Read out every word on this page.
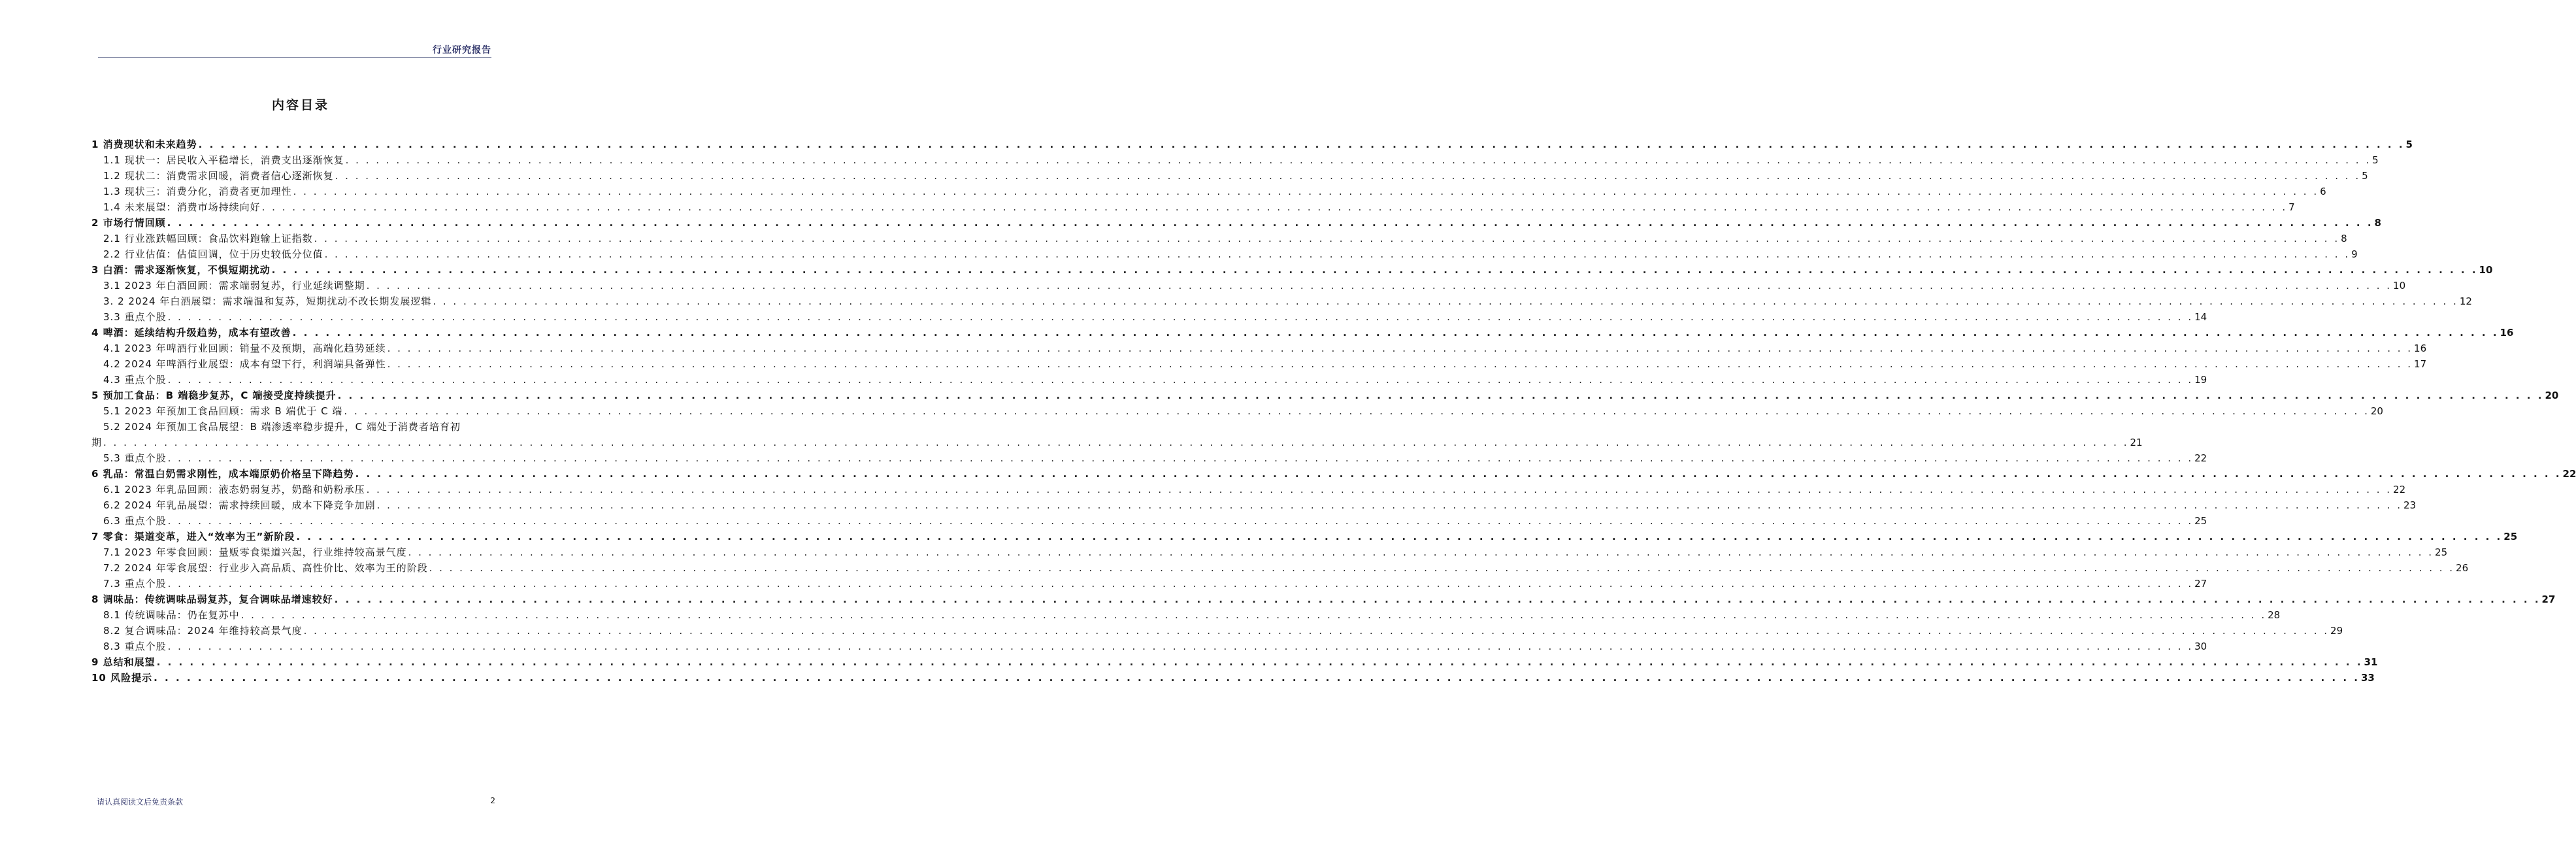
行业研究报告
内容目录
1 消费现状和未来趋势 . . . . . . . . . . . . . . . . . . . . . . . . . . . . . . . . . . . . . . . . . . . . . . . . . . . . . . . . . . . . . . . . . . . . . . . . . . . . . . . . . . . . . . . . . . . . . . . . . . . . . . . . . . . . . . . . . . . . . . . . . . . . . . . . . . . . . . . . . . . . . . . . . . . . . . . . . . . . . . . . . . . . . . . . . . . . . . . . . . . . . . . . . . . . . . . . . . . . . . . . 5
1.1 现状一：居民收入平稳增长，消费支出逐渐恢复 . . . . . . . . . . . . . . . . . . . . . . . . . . . . . . . . . . . . . . . . . . . . . . . . . . . . . . . . . . . . . . . . . . . . . . . . . . . . . . . . . . . . . . . . . . . . . . . . . . . . . . . . . . . . . . . . . . . . . . . . . . . . . . . . . . . . . . . . . . . . . . . . . . . . . . . . . . . . . . . . . . . . . . . . . . . . . . . . . . . . . . . . . . . . . . . . . . . . . . . . 5
1.2 现状二：消费需求回暖，消费者信心逐渐恢复 . . . . . . . . . . . . . . . . . . . . . . . . . . . . . . . . . . . . . . . . . . . . . . . . . . . . . . . . . . . . . . . . . . . . . . . . . . . . . . . . . . . . . . . . . . . . . . . . . . . . . . . . . . . . . . . . . . . . . . . . . . . . . . . . . . . . . . . . . . . . . . . . . . . . . . . . . . . . . . . . . . . . . . . . . . . . . . . . . . . . . . . . . . . . . . . . . . . . . . . . 5
1.3 现状三：消费分化，消费者更加理性 . . . . . . . . . . . . . . . . . . . . . . . . . . . . . . . . . . . . . . . . . . . . . . . . . . . . . . . . . . . . . . . . . . . . . . . . . . . . . . . . . . . . . . . . . . . . . . . . . . . . . . . . . . . . . . . . . . . . . . . . . . . . . . . . . . . . . . . . . . . . . . . . . . . . . . . . . . . . . . . . . . . . . . . . . . . . . . . . . . . . . . . . . . . . . . . . . . . . . . . . 6
1.4 未来展望：消费市场持续向好 . . . . . . . . . . . . . . . . . . . . . . . . . . . . . . . . . . . . . . . . . . . . . . . . . . . . . . . . . . . . . . . . . . . . . . . . . . . . . . . . . . . . . . . . . . . . . . . . . . . . . . . . . . . . . . . . . . . . . . . . . . . . . . . . . . . . . . . . . . . . . . . . . . . . . . . . . . . . . . . . . . . . . . . . . . . . . . . . . . . . . . . . . . . . . . . . . . . . . . . . 7
2 市场行情回顾 . . . . . . . . . . . . . . . . . . . . . . . . . . . . . . . . . . . . . . . . . . . . . . . . . . . . . . . . . . . . . . . . . . . . . . . . . . . . . . . . . . . . . . . . . . . . . . . . . . . . . . . . . . . . . . . . . . . . . . . . . . . . . . . . . . . . . . . . . . . . . . . . . . . . . . . . . . . . . . . . . . . . . . . . . . . . . . . . . . . . . . . . . . . . . . . . . . . . . . . . 8
2.1 行业涨跌幅回顾：食品饮料跑输上证指数 . . . . . . . . . . . . . . . . . . . . . . . . . . . . . . . . . . . . . . . . . . . . . . . . . . . . . . . . . . . . . . . . . . . . . . . . . . . . . . . . . . . . . . . . . . . . . . . . . . . . . . . . . . . . . . . . . . . . . . . . . . . . . . . . . . . . . . . . . . . . . . . . . . . . . . . . . . . . . . . . . . . . . . . . . . . . . . . . . . . . . . . . . . . . . . . . . . . . . . . . 8
2.2 行业估值：估值回调，位于历史较低分位值 . . . . . . . . . . . . . . . . . . . . . . . . . . . . . . . . . . . . . . . . . . . . . . . . . . . . . . . . . . . . . . . . . . . . . . . . . . . . . . . . . . . . . . . . . . . . . . . . . . . . . . . . . . . . . . . . . . . . . . . . . . . . . . . . . . . . . . . . . . . . . . . . . . . . . . . . . . . . . . . . . . . . . . . . . . . . . . . . . . . . . . . . . . . . . . . . . . . . . . . . 9
3 白酒：需求逐渐恢复，不惧短期扰动 . . . . . . . . . . . . . . . . . . . . . . . . . . . . . . . . . . . . . . . . . . . . . . . . . . . . . . . . . . . . . . . . . . . . . . . . . . . . . . . . . . . . . . . . . . . . . . . . . . . . . . . . . . . . . . . . . . . . . . . . . . . . . . . . . . . . . . . . . . . . . . . . . . . . . . . . . . . . . . . . . . . . . . . . . . . . . . . . . . . . . . . . . . . . . . . . . . . . . . . . 10
3.1 2023 年白酒回顾：需求端弱复苏，行业延续调整期 . . . . . . . . . . . . . . . . . . . . . . . . . . . . . . . . . . . . . . . . . . . . . . . . . . . . . . . . . . . . . . . . . . . . . . . . . . . . . . . . . . . . . . . . . . . . . . . . . . . . . . . . . . . . . . . . . . . . . . . . . . . . . . . . . . . . . . . . . . . . . . . . . . . . . . . . . . . . . . . . . . . . . . . . . . . . . . . . . . . . . . . . . . . . . . . . . . . . . . . . 10
3. 2 2024 年白酒展望：需求端温和复苏，短期扰动不改长期发展逻辑 . . . . . . . . . . . . . . . . . . . . . . . . . . . . . . . . . . . . . . . . . . . . . . . . . . . . . . . . . . . . . . . . . . . . . . . . . . . . . . . . . . . . . . . . . . . . . . . . . . . . . . . . . . . . . . . . . . . . . . . . . . . . . . . . . . . . . . . . . . . . . . . . . . . . . . . . . . . . . . . . . . . . . . . . . . . . . . . . . . . . . . . . . . . . . . . . . . . . . . . . 12
3.3 重点个股 . . . . . . . . . . . . . . . . . . . . . . . . . . . . . . . . . . . . . . . . . . . . . . . . . . . . . . . . . . . . . . . . . . . . . . . . . . . . . . . . . . . . . . . . . . . . . . . . . . . . . . . . . . . . . . . . . . . . . . . . . . . . . . . . . . . . . . . . . . . . . . . . . . . . . . . . . . . . . . . . . . . . . . . . . . . . . . . . . . . . . . . . . . . . . . . . . . . . . . . . 14
4 啤酒：延续结构升级趋势，成本有望改善 . . . . . . . . . . . . . . . . . . . . . . . . . . . . . . . . . . . . . . . . . . . . . . . . . . . . . . . . . . . . . . . . . . . . . . . . . . . . . . . . . . . . . . . . . . . . . . . . . . . . . . . . . . . . . . . . . . . . . . . . . . . . . . . . . . . . . . . . . . . . . . . . . . . . . . . . . . . . . . . . . . . . . . . . . . . . . . . . . . . . . . . . . . . . . . . . . . . . . . . . 16
4.1 2023 年啤酒行业回顾：销量不及预期，高端化趋势延续 . . . . . . . . . . . . . . . . . . . . . . . . . . . . . . . . . . . . . . . . . . . . . . . . . . . . . . . . . . . . . . . . . . . . . . . . . . . . . . . . . . . . . . . . . . . . . . . . . . . . . . . . . . . . . . . . . . . . . . . . . . . . . . . . . . . . . . . . . . . . . . . . . . . . . . . . . . . . . . . . . . . . . . . . . . . . . . . . . . . . . . . . . . . . . . . . . . . . . . . . 16
4.2 2024 年啤酒行业展望：成本有望下行，利润端具备弹性 . . . . . . . . . . . . . . . . . . . . . . . . . . . . . . . . . . . . . . . . . . . . . . . . . . . . . . . . . . . . . . . . . . . . . . . . . . . . . . . . . . . . . . . . . . . . . . . . . . . . . . . . . . . . . . . . . . . . . . . . . . . . . . . . . . . . . . . . . . . . . . . . . . . . . . . . . . . . . . . . . . . . . . . . . . . . . . . . . . . . . . . . . . . . . . . . . . . . . . . . 17
4.3 重点个股 . . . . . . . . . . . . . . . . . . . . . . . . . . . . . . . . . . . . . . . . . . . . . . . . . . . . . . . . . . . . . . . . . . . . . . . . . . . . . . . . . . . . . . . . . . . . . . . . . . . . . . . . . . . . . . . . . . . . . . . . . . . . . . . . . . . . . . . . . . . . . . . . . . . . . . . . . . . . . . . . . . . . . . . . . . . . . . . . . . . . . . . . . . . . . . . . . . . . . . . . 19
5 预加工食品：B 端稳步复苏，C 端接受度持续提升 . . . . . . . . . . . . . . . . . . . . . . . . . . . . . . . . . . . . . . . . . . . . . . . . . . . . . . . . . . . . . . . . . . . . . . . . . . . . . . . . . . . . . . . . . . . . . . . . . . . . . . . . . . . . . . . . . . . . . . . . . . . . . . . . . . . . . . . . . . . . . . . . . . . . . . . . . . . . . . . . . . . . . . . . . . . . . . . . . . . . . . . . . . . . . . . . . . . . . . . . 20
5.1 2023 年预加工食品回顾：需求 B 端优于 C 端 . . . . . . . . . . . . . . . . . . . . . . . . . . . . . . . . . . . . . . . . . . . . . . . . . . . . . . . . . . . . . . . . . . . . . . . . . . . . . . . . . . . . . . . . . . . . . . . . . . . . . . . . . . . . . . . . . . . . . . . . . . . . . . . . . . . . . . . . . . . . . . . . . . . . . . . . . . . . . . . . . . . . . . . . . . . . . . . . . . . . . . . . . . . . . . . . . . . . . . . . 20
5.2 2024 年预加工食品展望：B 端渗透率稳步提升，C 端处于消费者培育初
期 . . . . . . . . . . . . . . . . . . . . . . . . . . . . . . . . . . . . . . . . . . . . . . . . . . . . . . . . . . . . . . . . . . . . . . . . . . . . . . . . . . . . . . . . . . . . . . . . . . . . . . . . . . . . . . . . . . . . . . . . . . . . . . . . . . . . . . . . . . . . . . . . . . . . . . . . . . . . . . . . . . . . . . . . . . . . . . . . . . . . . . . . . . . . . . . . . . . . . . . . 21
5.3 重点个股 . . . . . . . . . . . . . . . . . . . . . . . . . . . . . . . . . . . . . . . . . . . . . . . . . . . . . . . . . . . . . . . . . . . . . . . . . . . . . . . . . . . . . . . . . . . . . . . . . . . . . . . . . . . . . . . . . . . . . . . . . . . . . . . . . . . . . . . . . . . . . . . . . . . . . . . . . . . . . . . . . . . . . . . . . . . . . . . . . . . . . . . . . . . . . . . . . . . . . . . . 22
6 乳品：常温白奶需求刚性，成本端原奶价格呈下降趋势 . . . . . . . . . . . . . . . . . . . . . . . . . . . . . . . . . . . . . . . . . . . . . . . . . . . . . . . . . . . . . . . . . . . . . . . . . . . . . . . . . . . . . . . . . . . . . . . . . . . . . . . . . . . . . . . . . . . . . . . . . . . . . . . . . . . . . . . . . . . . . . . . . . . . . . . . . . . . . . . . . . . . . . . . . . . . . . . . . . . . . . . . . . . . . . . . . . . . . . . . 22
6.1 2023 年乳品回顾：液态奶弱复苏，奶酪和奶粉承压 . . . . . . . . . . . . . . . . . . . . . . . . . . . . . . . . . . . . . . . . . . . . . . . . . . . . . . . . . . . . . . . . . . . . . . . . . . . . . . . . . . . . . . . . . . . . . . . . . . . . . . . . . . . . . . . . . . . . . . . . . . . . . . . . . . . . . . . . . . . . . . . . . . . . . . . . . . . . . . . . . . . . . . . . . . . . . . . . . . . . . . . . . . . . . . . . . . . . . . . . 22
6.2 2024 年乳品展望：需求持续回暖，成本下降竞争加剧 . . . . . . . . . . . . . . . . . . . . . . . . . . . . . . . . . . . . . . . . . . . . . . . . . . . . . . . . . . . . . . . . . . . . . . . . . . . . . . . . . . . . . . . . . . . . . . . . . . . . . . . . . . . . . . . . . . . . . . . . . . . . . . . . . . . . . . . . . . . . . . . . . . . . . . . . . . . . . . . . . . . . . . . . . . . . . . . . . . . . . . . . . . . . . . . . . . . . . . . . 23
6.3 重点个股 . . . . . . . . . . . . . . . . . . . . . . . . . . . . . . . . . . . . . . . . . . . . . . . . . . . . . . . . . . . . . . . . . . . . . . . . . . . . . . . . . . . . . . . . . . . . . . . . . . . . . . . . . . . . . . . . . . . . . . . . . . . . . . . . . . . . . . . . . . . . . . . . . . . . . . . . . . . . . . . . . . . . . . . . . . . . . . . . . . . . . . . . . . . . . . . . . . . . . . . . 25
7 零食：渠道变革，进入“效率为王”新阶段 . . . . . . . . . . . . . . . . . . . . . . . . . . . . . . . . . . . . . . . . . . . . . . . . . . . . . . . . . . . . . . . . . . . . . . . . . . . . . . . . . . . . . . . . . . . . . . . . . . . . . . . . . . . . . . . . . . . . . . . . . . . . . . . . . . . . . . . . . . . . . . . . . . . . . . . . . . . . . . . . . . . . . . . . . . . . . . . . . . . . . . . . . . . . . . . . . . . . . . . . 25
7.1 2023 年零食回顾：量贩零食渠道兴起，行业维持较高景气度 . . . . . . . . . . . . . . . . . . . . . . . . . . . . . . . . . . . . . . . . . . . . . . . . . . . . . . . . . . . . . . . . . . . . . . . . . . . . . . . . . . . . . . . . . . . . . . . . . . . . . . . . . . . . . . . . . . . . . . . . . . . . . . . . . . . . . . . . . . . . . . . . . . . . . . . . . . . . . . . . . . . . . . . . . . . . . . . . . . . . . . . . . . . . . . . . . . . . . . . . 25
7.2 2024 年零食展望：行业步入高品质、高性价比、效率为王的阶段 . . . . . . . . . . . . . . . . . . . . . . . . . . . . . . . . . . . . . . . . . . . . . . . . . . . . . . . . . . . . . . . . . . . . . . . . . . . . . . . . . . . . . . . . . . . . . . . . . . . . . . . . . . . . . . . . . . . . . . . . . . . . . . . . . . . . . . . . . . . . . . . . . . . . . . . . . . . . . . . . . . . . . . . . . . . . . . . . . . . . . . . . . . . . . . . . . . . . . . . . 26
7.3 重点个股 . . . . . . . . . . . . . . . . . . . . . . . . . . . . . . . . . . . . . . . . . . . . . . . . . . . . . . . . . . . . . . . . . . . . . . . . . . . . . . . . . . . . . . . . . . . . . . . . . . . . . . . . . . . . . . . . . . . . . . . . . . . . . . . . . . . . . . . . . . . . . . . . . . . . . . . . . . . . . . . . . . . . . . . . . . . . . . . . . . . . . . . . . . . . . . . . . . . . . . . . 27
8 调味品：传统调味品弱复苏，复合调味品增速较好 . . . . . . . . . . . . . . . . . . . . . . . . . . . . . . . . . . . . . . . . . . . . . . . . . . . . . . . . . . . . . . . . . . . . . . . . . . . . . . . . . . . . . . . . . . . . . . . . . . . . . . . . . . . . . . . . . . . . . . . . . . . . . . . . . . . . . . . . . . . . . . . . . . . . . . . . . . . . . . . . . . . . . . . . . . . . . . . . . . . . . . . . . . . . . . . . . . . . . . . . 27
8.1 传统调味品：仍在复苏中 . . . . . . . . . . . . . . . . . . . . . . . . . . . . . . . . . . . . . . . . . . . . . . . . . . . . . . . . . . . . . . . . . . . . . . . . . . . . . . . . . . . . . . . . . . . . . . . . . . . . . . . . . . . . . . . . . . . . . . . . . . . . . . . . . . . . . . . . . . . . . . . . . . . . . . . . . . . . . . . . . . . . . . . . . . . . . . . . . . . . . . . . . . . . . . . . . . . . . . . . 28
8.2 复合调味品：2024 年维持较高景气度 . . . . . . . . . . . . . . . . . . . . . . . . . . . . . . . . . . . . . . . . . . . . . . . . . . . . . . . . . . . . . . . . . . . . . . . . . . . . . . . . . . . . . . . . . . . . . . . . . . . . . . . . . . . . . . . . . . . . . . . . . . . . . . . . . . . . . . . . . . . . . . . . . . . . . . . . . . . . . . . . . . . . . . . . . . . . . . . . . . . . . . . . . . . . . . . . . . . . . . . . 29
8.3 重点个股 . . . . . . . . . . . . . . . . . . . . . . . . . . . . . . . . . . . . . . . . . . . . . . . . . . . . . . . . . . . . . . . . . . . . . . . . . . . . . . . . . . . . . . . . . . . . . . . . . . . . . . . . . . . . . . . . . . . . . . . . . . . . . . . . . . . . . . . . . . . . . . . . . . . . . . . . . . . . . . . . . . . . . . . . . . . . . . . . . . . . . . . . . . . . . . . . . . . . . . . . 30
9 总结和展望 . . . . . . . . . . . . . . . . . . . . . . . . . . . . . . . . . . . . . . . . . . . . . . . . . . . . . . . . . . . . . . . . . . . . . . . . . . . . . . . . . . . . . . . . . . . . . . . . . . . . . . . . . . . . . . . . . . . . . . . . . . . . . . . . . . . . . . . . . . . . . . . . . . . . . . . . . . . . . . . . . . . . . . . . . . . . . . . . . . . . . . . . . . . . . . . . . . . . . . . . 31
10 风险提示 . . . . . . . . . . . . . . . . . . . . . . . . . . . . . . . . . . . . . . . . . . . . . . . . . . . . . . . . . . . . . . . . . . . . . . . . . . . . . . . . . . . . . . . . . . . . . . . . . . . . . . . . . . . . . . . . . . . . . . . . . . . . . . . . . . . . . . . . . . . . . . . . . . . . . . . . . . . . . . . . . . . . . . . . . . . . . . . . . . . . . . . . . . . . . . . . . . . . . . . . 33
请认真阅读文后免责条款	2
